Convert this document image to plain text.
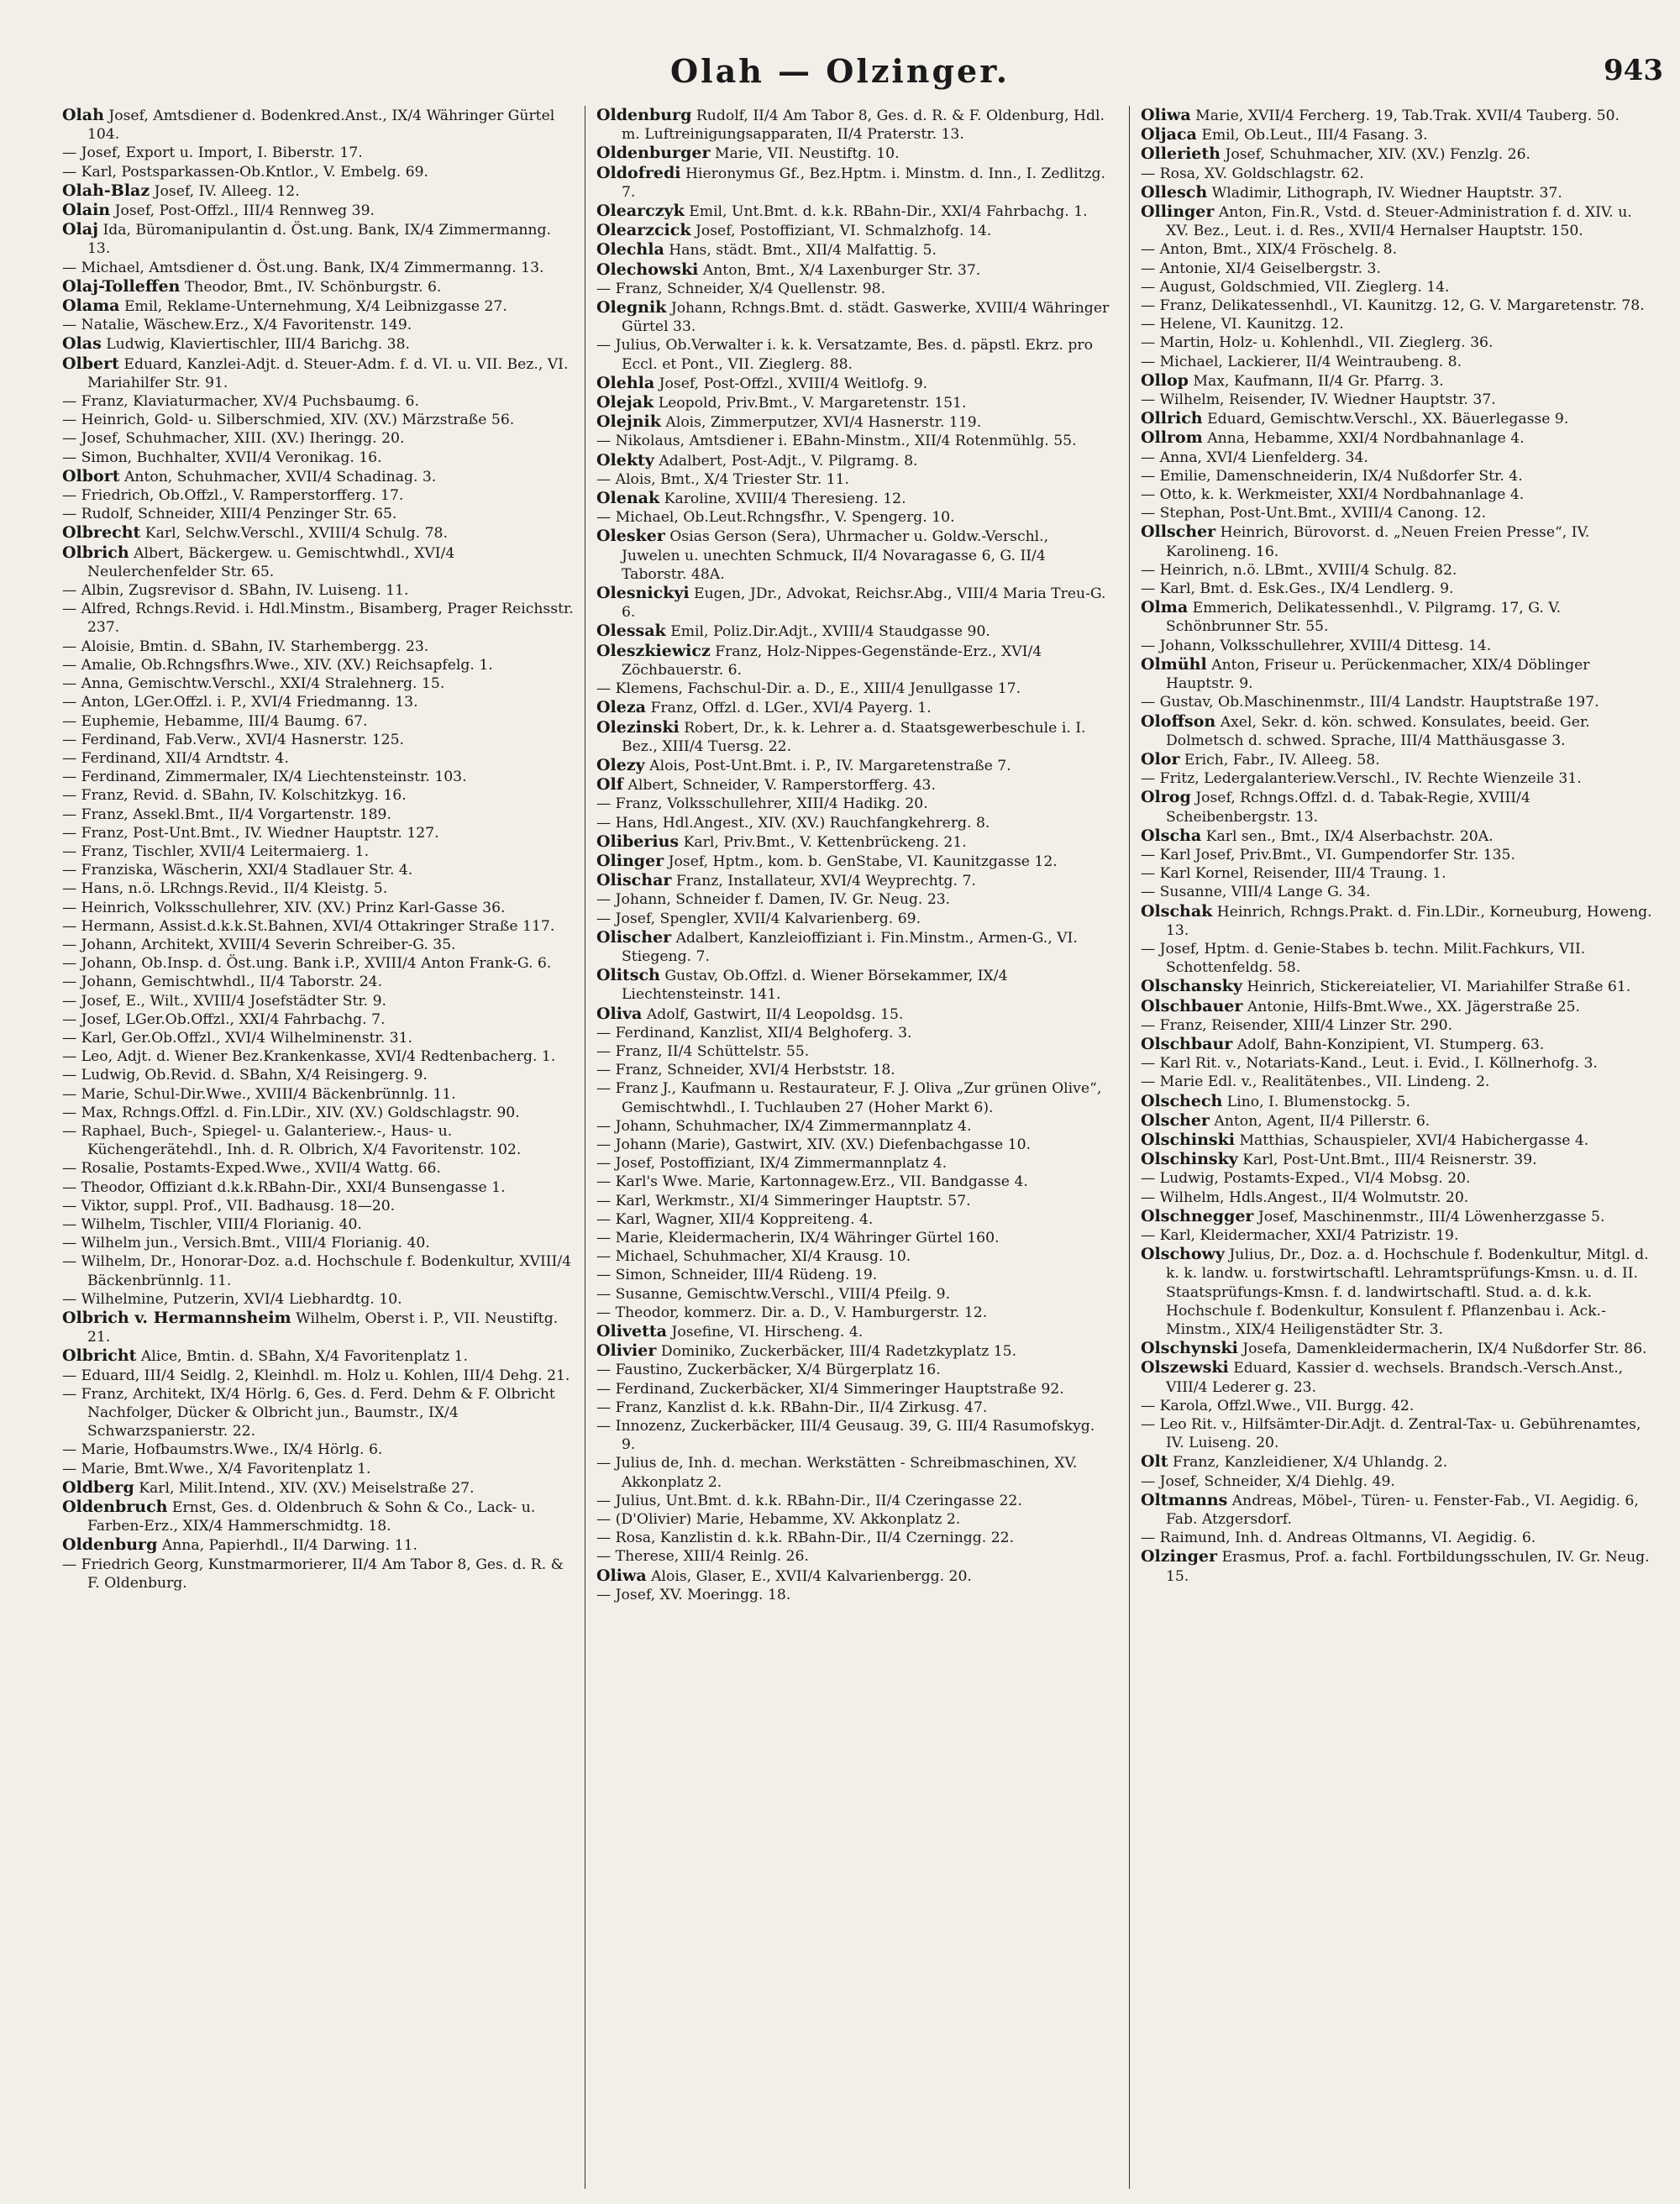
Olah — Olzinger.	943

Olah Josef, Amtsdiener d. Bodenkred.Anst., IX/4 Währinger Gürtel 104.

— Josef, Export u. Import, I. Biberstr. 17.

— Karl, Postsparkassen-Ob.Kntlor., V. Embelg. 69.

Olah-Blaz Josef, IV. Alleeg. 12.

Olain Josef, Post-Offzl., III/4 Rennweg 39.

Olaj Ida, Büromanipulantin d. Öst.ung. Bank, IX/4 Zimmermanng. 13.

— Michael, Amtsdiener d. Öst.ung. Bank, IX/4 Zimmermanng. 13.

Olaj-Tolleffen Theodor, Bmt., IV. Schönburgstr. 6.

Olama Emil, Reklame-Unternehmung, X/4 Leibnizgasse 27.

— Natalie, Wäschew.Erz., X/4 Favoritenstr. 149.

Olas Ludwig, Klaviertischler, III/4 Barichg. 38.

Olbert Eduard, Kanzlei-Adjt. d. Steuer-Adm. f. d. VI. u. VII. Bez., VI. Mariahilfer Str. 91.

— Franz, Klaviaturmacher, XV/4 Puchsbaumg. 6.

— Heinrich, Gold- u. Silberschmied, XIV. (XV.) Märzstraße 56.

— Josef, Schuhmacher, XIII. (XV.) Iheringg. 20.

— Simon, Buchhalter, XVII/4 Veronikag. 16.

Olbort Anton, Schuhmacher, XVII/4 Schadinag. 3.

— Friedrich, Ob.Offzl., V. Ramperstorfferg. 17.

— Rudolf, Schneider, XIII/4 Penzinger Str. 65.

Olbrecht Karl, Selchw.Verschl., XVIII/4 Schulg. 78.

Olbrich Albert, Bäckergew. u. Gemischtwhdl., XVI/4 Neulerchenfelder Str. 65.

— Albin, Zugsrevisor d. SBahn, IV. Luiseng. 11.

— Alfred, Rchngs.Revid. i. Hdl.Minstm., Bisamberg, Prager Reichsstr. 237.

— Aloisie, Bmtin. d. SBahn, IV. Starhembergg. 23.

— Amalie, Ob.Rchngsfhrs.Wwe., XIV. (XV.) Reichsapfelg. 1.

— Anna, Gemischtw.Verschl., XXI/4 Stralehnerg. 15.

— Anton, LGer.Offzl. i. P., XVI/4 Friedmanng. 13.

— Euphemie, Hebamme, III/4 Baumg. 67.

— Ferdinand, Fab.Verw., XVI/4 Hasnerstr. 125.

— Ferdinand, XII/4 Arndtstr. 4.

— Ferdinand, Zimmermaler, IX/4 Liechtensteinstr. 103.

— Franz, Revid. d. SBahn, IV. Kolschitzkyg. 16.

— Franz, Assekl.Bmt., II/4 Vorgartenstr. 189.

— Franz, Post-Unt.Bmt., IV. Wiedner Hauptstr. 127.

— Franz, Tischler, XVII/4 Leitermaierg. 1.

— Franziska, Wäscherin, XXI/4 Stadlauer Str. 4.

— Hans, n.ö. LRchngs.Revid., II/4 Kleistg. 5.

— Heinrich, Volksschullehrer, XIV. (XV.) Prinz Karl-Gasse 36.

— Hermann, Assist.d.k.k.St.Bahnen, XVI/4 Ottakringer Straße 117.

— Johann, Architekt, XVIII/4 Severin Schreiber-G. 35.

— Johann, Ob.Insp. d. Öst.ung. Bank i.P., XVIII/4 Anton Frank-G. 6.

— Johann, Gemischtwhdl., II/4 Taborstr. 24.

— Josef, E., Wilt., XVIII/4 Josefstädter Str. 9.

— Josef, LGer.Ob.Offzl., XXI/4 Fahrbachg. 7.

— Karl, Ger.Ob.Offzl., XVI/4 Wilhelminenstr. 31.

— Leo, Adjt. d. Wiener Bez.Krankenkasse, XVI/4 Redtenbacherg. 1.

— Ludwig, Ob.Revid. d. SBahn, X/4 Reisingerg. 9.

— Marie, Schul-Dir.Wwe., XVIII/4 Bäckenbrünnlg. 11.

— Max, Rchngs.Offzl. d. Fin.LDir., XIV. (XV.) Goldschlagstr. 90.

— Raphael, Buch-, Spiegel- u. Galanteriew.-, Haus- u. Küchengerätehdl., Inh. d. R. Olbrich, X/4 Favoritenstr. 102.

— Rosalie, Postamts-Exped.Wwe., XVII/4 Wattg. 66.

— Theodor, Offiziant d.k.k.RBahn-Dir., XXI/4 Bunsengasse 1.

— Viktor, suppl. Prof., VII. Badhausg. 18—20.

— Wilhelm, Tischler, VIII/4 Florianig. 40.

— Wilhelm jun., Versich.Bmt., VIII/4 Florianig. 40.

— Wilhelm, Dr., Honorar-Doz. a.d. Hochschule f. Bodenkultur, XVIII/4 Bäckenbrünnlg. 11.

— Wilhelmine, Putzerin, XVI/4 Liebhardtg. 10.

Olbrich v. Hermannsheim Wilhelm, Oberst i. P., VII. Neustiftg. 21.

Olbricht Alice, Bmtin. d. SBahn, X/4 Favoritenplatz 1.

— Eduard, III/4 Seidlg. 2, Kleinhdl. m. Holz u. Kohlen, III/4 Dehg. 21.

— Franz, Architekt, IX/4 Hörlg. 6, Ges. d. Ferd. Dehm & F. Olbricht Nachfolger, Dücker & Olbricht jun., Baumstr., IX/4 Schwarzspanierstr. 22.

— Marie, Hofbaumstrs.Wwe., IX/4 Hörlg. 6.

— Marie, Bmt.Wwe., X/4 Favoritenplatz 1.

Oldberg Karl, Milit.Intend., XIV. (XV.) Meiselstraße 27.

Oldenbruch Ernst, Ges. d. Oldenbruch & Sohn & Co., Lack- u. Farben-Erz., XIX/4 Hammerschmidtg. 18.

Oldenburg Anna, Papierhdl., II/4 Darwing. 11.

— Friedrich Georg, Kunstmarmorierer, II/4 Am Tabor 8, Ges. d. R. & F. Oldenburg.

Oldenburg Rudolf, II/4 Am Tabor 8, Ges. d. R. & F. Oldenburg, Hdl. m. Luftreinigungsapparaten, II/4 Praterstr. 13.

Oldenburger Marie, VII. Neustiftg. 10.

Oldofredi Hieronymus Gf., Bez.Hptm. i. Minstm. d. Inn., I. Zedlitzg. 7.

Olearczyk Emil, Unt.Bmt. d. k.k. RBahn-Dir., XXI/4 Fahrbachg. 1.

Olearzcick Josef, Postoffiziant, VI. Schmalzhofg. 14.

Olechla Hans, städt. Bmt., XII/4 Malfattig. 5.

Olechowski Anton, Bmt., X/4 Laxenburger Str. 37.

— Franz, Schneider, X/4 Quellenstr. 98.

Olegnik Johann, Rchngs.Bmt. d. städt. Gaswerke, XVIII/4 Währinger Gürtel 33.

— Julius, Ob.Verwalter i. k. k. Versatzamte, Bes. d. päpstl. Ekrz. pro Eccl. et Pont., VII. Zieglerg. 88.

Olehla Josef, Post-Offzl., XVIII/4 Weitlofg. 9.

Olejak Leopold, Priv.Bmt., V. Margaretenstr. 151.

Olejnik Alois, Zimmerputzer, XVI/4 Hasnerstr. 119.

— Nikolaus, Amtsdiener i. EBahn-Minstm., XII/4 Rotenmühlg. 55.

Olekty Adalbert, Post-Adjt., V. Pilgramg. 8.

— Alois, Bmt., X/4 Triester Str. 11.

Olenak Karoline, XVIII/4 Theresieng. 12.

— Michael, Ob.Leut.Rchngsfhr., V. Spengerg. 10.

Olesker Osias Gerson (Sera), Uhrmacher u. Goldw.-Verschl., Juwelen u. unechten Schmuck, II/4 Novaragasse 6, G. II/4 Taborstr. 48A.

Olesnickyi Eugen, JDr., Advokat, Reichsr.Abg., VIII/4 Maria Treu-G. 6.

Olessak Emil, Poliz.Dir.Adjt., XVIII/4 Staudgasse 90.

Oleszkiewicz Franz, Holz-Nippes-Gegenstände-Erz., XVI/4 Zöchbauerstr. 6.

— Klemens, Fachschul-Dir. a. D., E., XIII/4 Jenullgasse 17.

Oleza Franz, Offzl. d. LGer., XVI/4 Payerg. 1.

Olezinski Robert, Dr., k. k. Lehrer a. d. Staatsgewerbeschule i. I. Bez., XIII/4 Tuersg. 22.

Olezy Alois, Post-Unt.Bmt. i. P., IV. Margaretenstraße 7.

Olf Albert, Schneider, V. Ramperstorfferg. 43.

— Franz, Volksschullehrer, XIII/4 Hadikg. 20.

— Hans, Hdl.Angest., XIV. (XV.) Rauchfangkehrerg. 8.

Oliberius Karl, Priv.Bmt., V. Kettenbrückeng. 21.

Olinger Josef, Hptm., kom. b. GenStabe, VI. Kaunitzgasse 12.

Olischar Franz, Installateur, XVI/4 Weyprechtg. 7.

— Johann, Schneider f. Damen, IV. Gr. Neug. 23.

— Josef, Spengler, XVII/4 Kalvarienberg. 69.

Olischer Adalbert, Kanzleioffiziant i. Fin.Minstm., Armen-G., VI. Stiegeng. 7.

Olitsch Gustav, Ob.Offzl. d. Wiener Börsekammer, IX/4 Liechtensteinstr. 141.

Oliva Adolf, Gastwirt, II/4 Leopoldsg. 15.

— Ferdinand, Kanzlist, XII/4 Belghoferg. 3.

— Franz, II/4 Schüttelstr. 55.

— Franz, Schneider, XVI/4 Herbststr. 18.

— Franz J., Kaufmann u. Restaurateur, F. J. Oliva „Zur grünen Olive“, Gemischtwhdl., I. Tuchlauben 27 (Hoher Markt 6).

— Johann, Schuhmacher, IX/4 Zimmermannplatz 4.

— Johann (Marie), Gastwirt, XIV. (XV.) Diefenbachgasse 10.

— Josef, Postoffiziant, IX/4 Zimmermannplatz 4.

— Karl's Wwe. Marie, Kartonnagew.Erz., VII. Bandgasse 4.

— Karl, Werkmstr., XI/4 Simmeringer Hauptstr. 57.

— Karl, Wagner, XII/4 Koppreiteng. 4.

— Marie, Kleidermacherin, IX/4 Währinger Gürtel 160.

— Michael, Schuhmacher, XI/4 Krausg. 10.

— Simon, Schneider, III/4 Rüdeng. 19.

— Susanne, Gemischtw.Verschl., VIII/4 Pfeilg. 9.

— Theodor, kommerz. Dir. a. D., V. Hamburgerstr. 12.

Olivetta Josefine, VI. Hirscheng. 4.

Olivier Dominiko, Zuckerbäcker, III/4 Radetzkyplatz 15.

— Faustino, Zuckerbäcker, X/4 Bürgerplatz 16.

— Ferdinand, Zuckerbäcker, XI/4 Simmeringer Hauptstraße 92.

— Franz, Kanzlist d. k.k. RBahn-Dir., II/4 Zirkusg. 47.

— Innozenz, Zuckerbäcker, III/4 Geusaug. 39, G. III/4 Rasumofskyg. 9.

— Julius de, Inh. d. mechan. Werkstätten - Schreibmaschinen, XV. Akkonplatz 2.

— Julius, Unt.Bmt. d. k.k. RBahn-Dir., II/4 Czeringasse 22.

— (D'Olivier) Marie, Hebamme, XV. Akkonplatz 2.

— Rosa, Kanzlistin d. k.k. RBahn-Dir., II/4 Czerningg. 22.

— Therese, XIII/4 Reinlg. 26.

Oliwa Alois, Glaser, E., XVII/4 Kalvarienbergg. 20.

— Josef, XV. Moeringg. 18.

Oliwa Marie, XVII/4 Fercherg. 19, Tab.Trak. XVII/4 Tauberg. 50.

Oljaca Emil, Ob.Leut., III/4 Fasang. 3.

Ollerieth Josef, Schuhmacher, XIV. (XV.) Fenzlg. 26.

— Rosa, XV. Goldschlagstr. 62.

Ollesch Wladimir, Lithograph, IV. Wiedner Hauptstr. 37.

Ollinger Anton, Fin.R., Vstd. d. Steuer-Administration f. d. XIV. u. XV. Bez., Leut. i. d. Res., XVII/4 Hernalser Hauptstr. 150.

— Anton, Bmt., XIX/4 Fröschelg. 8.

— Antonie, XI/4 Geiselbergstr. 3.

— August, Goldschmied, VII. Zieglerg. 14.

— Franz, Delikatessenhdl., VI. Kaunitzg. 12, G. V. Margaretenstr. 78.

— Helene, VI. Kaunitzg. 12.

— Martin, Holz- u. Kohlenhdl., VII. Zieglerg. 36.

— Michael, Lackierer, II/4 Weintraubeng. 8.

Ollop Max, Kaufmann, II/4 Gr. Pfarrg. 3.

— Wilhelm, Reisender, IV. Wiedner Hauptstr. 37.

Ollrich Eduard, Gemischtw.Verschl., XX. Bäuerlegasse 9.

Ollrom Anna, Hebamme, XXI/4 Nordbahnanlage 4.

— Anna, XVI/4 Lienfelderg. 34.

— Emilie, Damenschneiderin, IX/4 Nußdorfer Str. 4.

— Otto, k. k. Werkmeister, XXI/4 Nordbahnanlage 4.

— Stephan, Post-Unt.Bmt., XVIII/4 Canong. 12.

Ollscher Heinrich, Bürovorst. d. „Neuen Freien Presse“, IV. Karolineng. 16.

— Heinrich, n.ö. LBmt., XVIII/4 Schulg. 82.

— Karl, Bmt. d. Esk.Ges., IX/4 Lendlerg. 9.

Olma Emmerich, Delikatessenhdl., V. Pilgramg. 17, G. V. Schönbrunner Str. 55.

— Johann, Volksschullehrer, XVIII/4 Dittesg. 14.

Olmühl Anton, Friseur u. Perückenmacher, XIX/4 Döblinger Hauptstr. 9.

— Gustav, Ob.Maschinenmstr., III/4 Landstr. Hauptstraße 197.

Oloffson Axel, Sekr. d. kön. schwed. Konsulates, beeid. Ger. Dolmetsch d. schwed. Sprache, III/4 Matthäusgasse 3.

Olor Erich, Fabr., IV. Alleeg. 58.

— Fritz, Ledergalanteriew.Verschl., IV. Rechte Wienzeile 31.

Olrog Josef, Rchngs.Offzl. d. d. Tabak-Regie, XVIII/4 Scheibenbergstr. 13.

Olscha Karl sen., Bmt., IX/4 Alserbachstr. 20A.

— Karl Josef, Priv.Bmt., VI. Gumpendorfer Str. 135.

— Karl Kornel, Reisender, III/4 Traung. 1.

— Susanne, VIII/4 Lange G. 34.

Olschak Heinrich, Rchngs.Prakt. d. Fin.LDir., Korneuburg, Howeng. 13.

— Josef, Hptm. d. Genie-Stabes b. techn. Milit.Fachkurs, VII. Schottenfeldg. 58.

Olschansky Heinrich, Stickereiatelier, VI. Mariahilfer Straße 61.

Olschbauer Antonie, Hilfs-Bmt.Wwe., XX. Jägerstraße 25.

— Franz, Reisender, XIII/4 Linzer Str. 290.

Olschbaur Adolf, Bahn-Konzipient, VI. Stumperg. 63.

— Karl Rit. v., Notariats-Kand., Leut. i. Evid., I. Köllnerhofg. 3.

— Marie Edl. v., Realitätenbes., VII. Lindeng. 2.

Olschech Lino, I. Blumenstockg. 5.

Olscher Anton, Agent, II/4 Pillerstr. 6.

Olschinski Matthias, Schauspieler, XVI/4 Habichergasse 4.

Olschinsky Karl, Post-Unt.Bmt., III/4 Reisnerstr. 39.

— Ludwig, Postamts-Exped., VI/4 Mobsg. 20.

— Wilhelm, Hdls.Angest., II/4 Wolmutstr. 20.

Olschnegger Josef, Maschinenmstr., III/4 Löwenherzgasse 5.

— Karl, Kleidermacher, XXI/4 Patrizistr. 19.

Olschowy Julius, Dr., Doz. a. d. Hochschule f. Bodenkultur, Mitgl. d. k. k. landw. u. forstwirtschaftl. Lehramtsprüfungs-Kmsn. u. d. II. Staatsprüfungs-Kmsn. f. d. landwirtschaftl. Stud. a. d. k.k. Hochschule f. Bodenkultur, Konsulent f. Pflanzenbau i. Ack.-Minstm., XIX/4 Heiligenstädter Str. 3.

Olschynski Josefa, Damenkleidermacherin, IX/4 Nußdorfer Str. 86.

Olszewski Eduard, Kassier d. wechsels. Brandsch.-Versch.Anst., VIII/4 Lederer g. 23.

— Karola, Offzl.Wwe., VII. Burgg. 42.

— Leo Rit. v., Hilfsämter-Dir.Adjt. d. Zentral-Tax- u. Gebührenamtes, IV. Luiseng. 20.

Olt Franz, Kanzleidiener, X/4 Uhlandg. 2.

— Josef, Schneider, X/4 Diehlg. 49.

Oltmanns Andreas, Möbel-, Türen- u. Fenster-Fab., VI. Aegidig. 6, Fab. Atzgersdorf.

— Raimund, Inh. d. Andreas Oltmanns, VI. Aegidig. 6.

Olzinger Erasmus, Prof. a. fachl. Fortbildungsschulen, IV. Gr. Neug. 15.
